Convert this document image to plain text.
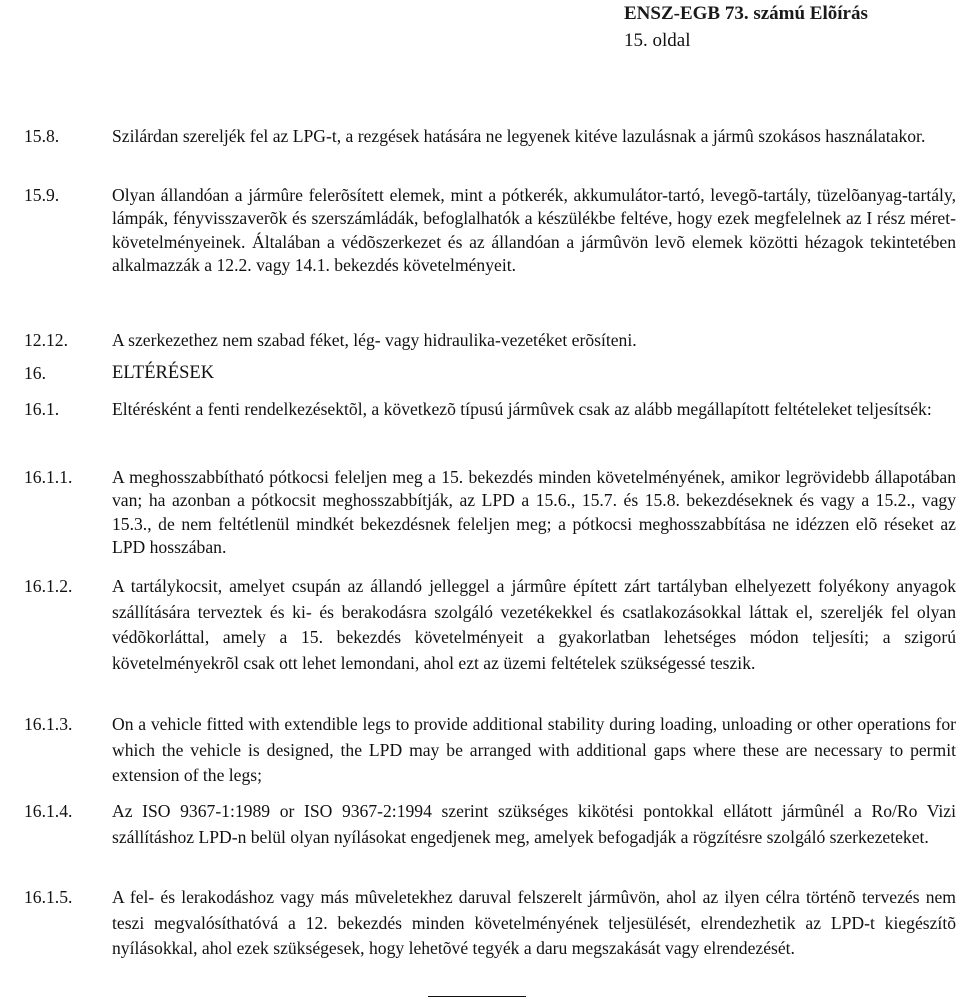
ENSZ-EGB 73. számú Elõírás
15. oldal
15.8.	Szilárdan szereljék fel az LPG-t, a rezgések hatására ne legyenek kitéve lazulásnak a jármû szokásos használatakor.
15.9.	Olyan állandóan a jármûre felerõsített elemek, mint a pótkerék, akkumulátor-tartó, levegõ-tartály, tüzelõanyag-tartály, lámpák, fényvisszaverõk és szerszámládák, befoglalhatók a készülékbe feltéve, hogy ezek megfelelnek az I rész méret-követelményeinek. Általában a védõszerkezet és az állandóan a jármûvön levõ elemek közötti hézagok tekintetében alkalmazzák a 12.2. vagy 14.1. bekezdés követelményeit.
12.12.	A szerkezethez nem szabad féket, lég- vagy hidraulika-vezetéket erõsíteni.
16.	ELTÉRÉSEK
16.1.	Eltérésként a fenti rendelkezésektõl, a következõ típusú jármûvek csak az alább megállapított feltételeket teljesítsék:
16.1.1.	A meghosszabbítható pótkocsi feleljen meg a 15. bekezdés minden követelményének, amikor legrövidebb állapotában van; ha azonban a pótkocsit meghosszabbítják, az LPD a 15.6., 15.7. és 15.8. bekezdéseknek és vagy a 15.2., vagy 15.3., de nem feltétlenül mindkét bekezdésnek feleljen meg; a pótkocsi meghosszabbítása ne idézzen elõ réseket az LPD hosszában.
16.1.2.	A tartálykocsit, amelyet csupán az állandó jelleggel a jármûre épített zárt tartályban elhelyezett folyékony anyagok szállítására terveztek és ki- és berakodásra szolgáló vezetékekkel és csatlakozásokkal láttak el, szereljék fel olyan védõkorláttal, amely a 15. bekezdés követelményeit a gyakorlatban lehetséges módon teljesíti; a szigorú követelményekrõl csak ott lehet lemondani, ahol ezt az üzemi feltételek szükségessé teszik.
16.1.3.	On a vehicle fitted with extendible legs to provide additional stability during loading, unloading or other operations for which the vehicle is designed, the LPD may be arranged with additional gaps where these are necessary to permit extension of the legs;
16.1.4.	Az ISO 9367-1:1989 or ISO 9367-2:1994 szerint szükséges kikötési pontokkal ellátott jármûnél a Ro/Ro Vizi szállításhoz LPD-n belül olyan nyílásokat engedjenek meg, amelyek befogadják a rögzítésre szolgáló szerkezeteket.
16.1.5.	A fel- és lerakodáshoz vagy más mûveletekhez daruval felszerelt jármûvön, ahol az ilyen célra történõ tervezés nem teszi megvalósíthatóvá a 12. bekezdés minden követelményének teljesülését, elrendezhetik az LPD-t kiegészítõ nyílásokkal, ahol ezek szükségesek, hogy lehetõvé tegyék a daru megszakását vagy elrendezését.
